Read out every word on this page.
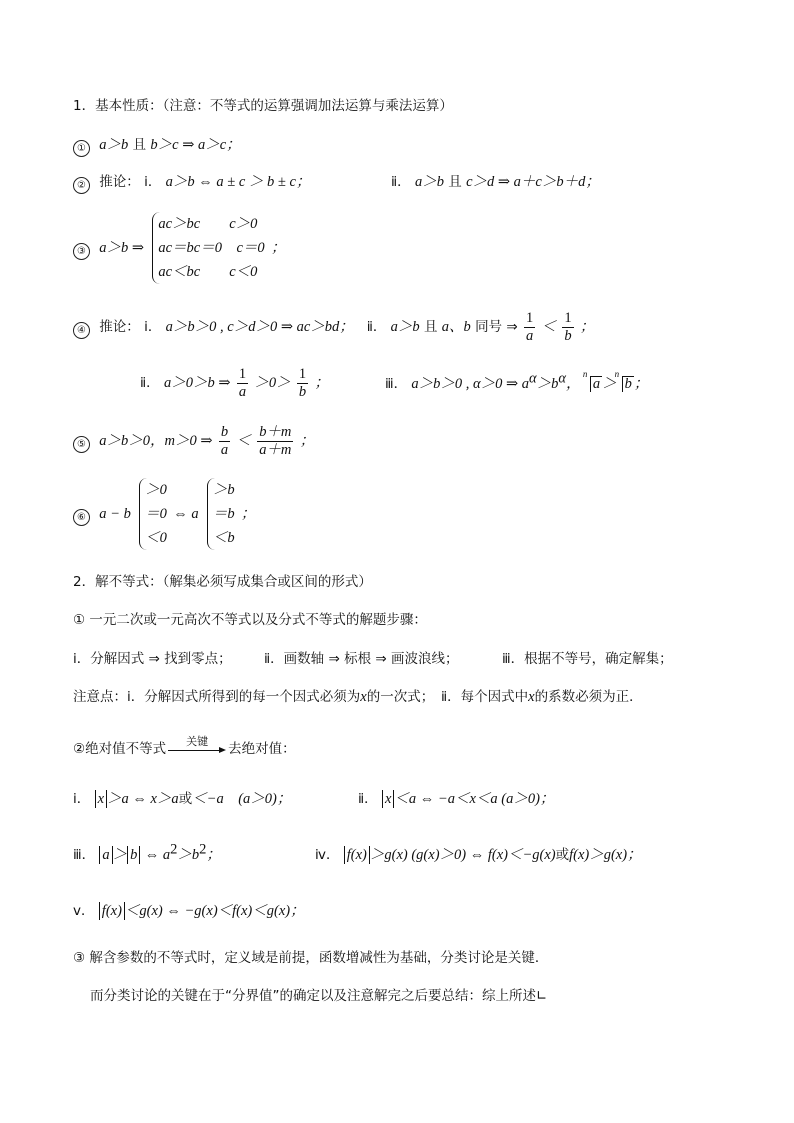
1．基本性质：（注意：不等式的运算强调加法运算与乘法运算）
① a＞b 且 b＞c ⇒ a＞c；
② 推论： ⅰ． a＞b ⇔ a ± c ＞ b ± c；	ⅱ． a＞b 且 c＞d ⇒ a＋c＞b＋d；
③ a＞b ⇒
ac＞bc　　c＞0
ac＝bc＝0　c＝0
ac＜bc　　c＜0
；
④ 推论： ⅰ． a＞b＞0 , c＞d＞0 ⇒ ac＞bd； ⅱ． a＞b 且 a、b 同号 ⇒ $\frac{1}{a} < \frac{1}{b}$ ；
ⅱ． a＞0＞b ⇒ $\frac{1}{a} >0> \frac{1}{b}$ ；	ⅲ． a＞b＞0 , α＞0 ⇒ $a^\alpha>b^\alpha$，
n
a ＞
n
b ；
⑤ a＞b＞0，m＞0 ⇒ $\frac{b}{a} < \frac{b+m}{a+m}$ ；
⑥ a − b
＞0
＝0
＜0
⇔ a
＞b
＝b
＜b
；
2．解不等式：（解集必须写成集合或区间的形式）
① 一元二次或一元高次不等式以及分式不等式的解题步骤：
ⅰ．分解因式 ⇒ 找到零点； ⅱ．画数轴 ⇒ 标根 ⇒ 画波浪线；	ⅲ．根据不等号，确定解集；
注意点：ⅰ．分解因式所得到的每一个因式必须为x的一次式；　ⅱ．每个因式中x的系数必须为正．
②绝对值不等式	关键	去绝对值：
ⅰ． x ＞a ⇔ x＞a或＜−a　(a＞0)；	ⅱ． x ＜a ⇔ −a＜x＜a (a＞0)；
ⅲ． a ＞ b ⇔ $a^2>b^2$；	ⅳ． f(x) ＞g(x) (g(x)＞0) ⇔ f(x)＜−g(x)或f(x)＞g(x)；
ⅴ． f(x) ＜g(x) ⇔ −g(x)＜f(x)＜g(x)；
③ 解含参数的不等式时，定义域是前提，函数增减性为基础，分类讨论是关键．
而分类讨论的关键在于“分界值”的确定以及注意解完之后要总结：综上所述∟
